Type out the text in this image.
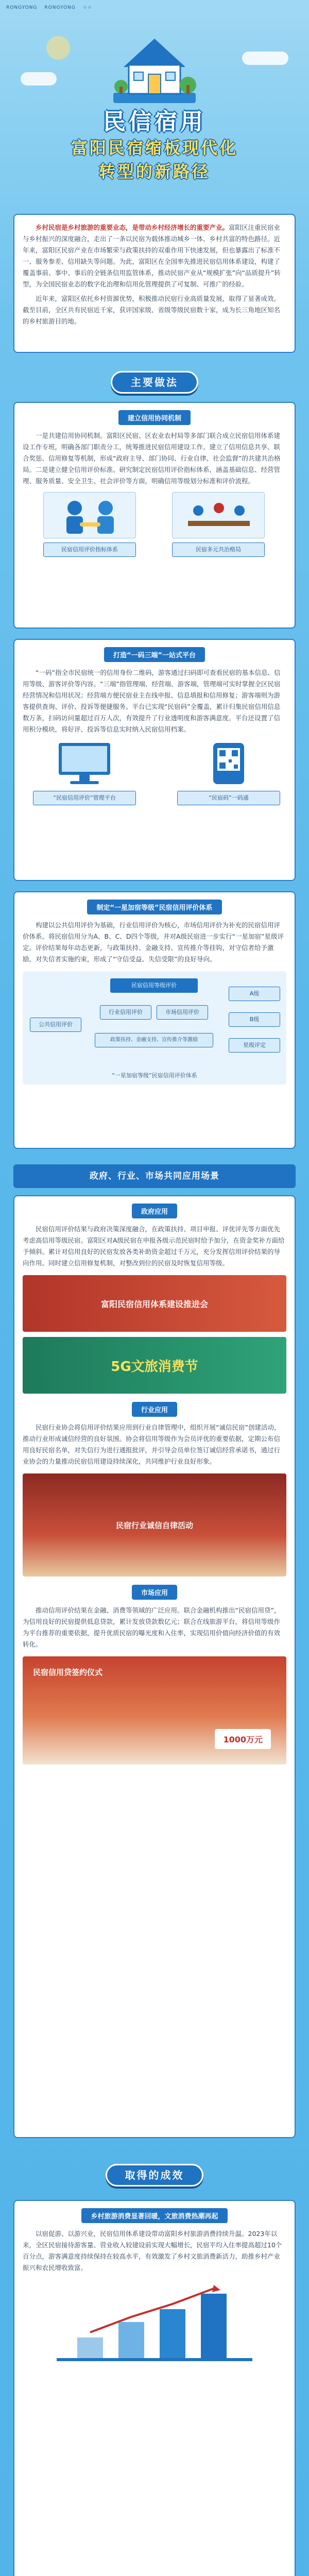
RONGYONG RONGYONG ☆☆
民信宿用
富阳民宿缩板现代化
转型的新路径

乡村民宿是乡村旅游的重要业态，是带动乡村经济增长的重要产业。富阳区注重民宿业与乡村振兴的深度融合，走出了一条以民宿为载体推动城乡一体、乡村共富的特色路径。近年来，富阳区民宿产业在市场繁荣与政策扶持的双重作用下快速发展，但也暴露出了标准不一、服务参差、信用缺失等问题。为此，富阳区在全国率先推进民宿信用体系建设，构建了覆盖事前、事中、事后的全链条信用监管体系，推动民宿产业从“规模扩张”向“品质提升”转型，为全国民宿业态的数字化治理和信用化管理提供了可复制、可推广的经验。

近年来，富阳区依托乡村资源优势，积极推动民宿行业高质量发展，取得了显著成效。截至目前，全区共有民宿近千家，获评国家级、省级等级民宿数十家，成为长三角地区知名的乡村旅游目的地。

主要做法
建立信用协同机制

一是共建信用协同机制。富阳区民宿、区农业农村局等多部门联合成立民宿信用体系建设工作专班，明确各部门职责分工，统筹推进民宿信用建设工作。建立了信用信息共享、联合奖惩、信用修复等机制，形成“政府主导、部门协同、行业自律、社会监督”的共建共治格局。二是建立健全信用评价标准。研究制定民宿信用评价指标体系，涵盖基础信息、经营管理、服务质量、安全卫生、社会评价等方面，明确信用等级划分标准和评价流程。

民宿信用评价指标体系	民宿多元共治格局
打造“一码三端”一站式平台

“一码”指全市民宿统一的信用身份二维码，游客通过扫码即可查看民宿的基本信息、信用等级、游客评价等内容。“三端”指管理端、经营端、游客端，管理端可实时掌握全区民宿经营情况和信用状况；经营端方便民宿业主在线申报、信息填报和信用修复；游客端则为游客提供查询、评价、投诉等便捷服务。平台已实现“民宿码”全覆盖，累计归集民宿信用信息数万条，扫码访问量超过百万人次，有效提升了行业透明度和游客满意度。平台还设置了信用积分模块，将好评、投诉等信息实时纳入民宿信用档案。

“民宿信用评价”管理平台	“民宿码”一码通
制定“一星加宿等级”民宿信用评价体系

构建以公共信用评价为基础，行业信用评价为核心，市场信用评价为补充的民宿信用评价体系。将民宿信用分为A、B、C、D四个等级，并对A级民宿进一步实行“一星加宿”星级评定。评价结果每年动态更新，与政策扶持、金融支持、宣传推介等挂钩，对守信者给予激励，对失信者实施约束，形成了“守信受益、失信受限”的良好导向。

公共信用评价
民宿信用等级评价
行业信用评价	市场信用评价
政策扶持、金融支持、宣传推介等激励
A级
B级
星级评定
“一星加宿等级”民宿信用评价体系
政府、行业、市场共同应用场景
政府应用

民宿信用评价结果与政府决策深度融合，在政策扶持、项目申报、评优评先等方面优先考虑高信用等级民宿。富阳区对A级民宿在申报各级示范民宿时给予加分，在资金奖补方面给予倾斜。累计对信用良好的民宿发放各类补助资金超过千万元，充分发挥信用评价结果的导向作用。同时建立信用修复机制，对整改到位的民宿及时恢复信用等级。

富阳民宿信用体系建设推进会
5G文旅消费节
行业应用

民宿行业协会将信用评价结果应用到行业自律管理中，组织开展“诚信民宿”创建活动，推动行业形成诚信经营的良好氛围。协会将信用等级作为会员评优的重要依据，定期公布信用良好民宿名单，对失信行为进行通报批评，并引导会员单位签订诚信经营承诺书，通过行业协会的力量推动民宿信用建设持续深化，共同维护行业良好形象。

民宿行业诚信自律活动
市场应用

推动信用评价结果在金融、消费等领域的广泛应用。联合金融机构推出“民宿信用贷”，为信用良好的民宿提供低息贷款，累计发放贷款数亿元；联合在线旅游平台，将信用等级作为平台推荐的重要依据，提升优质民宿的曝光度和入住率，实现信用价值向经济价值的有效转化。

民宿信用贷签约仪式
1000万元
取得的成效
乡村旅游消费显著回暖，文旅消费热潮再起

以宿促游、以游兴业，民宿信用体系建设带动富阳乡村旅游消费持续升温。2023年以来，全区民宿接待游客量、营业收入较建设前实现大幅增长，民宿平均入住率提高超过10个百分点，游客满意度持续保持在较高水平，有效激发了乡村文旅消费新活力，助推乡村产业振兴和农民增收致富。
